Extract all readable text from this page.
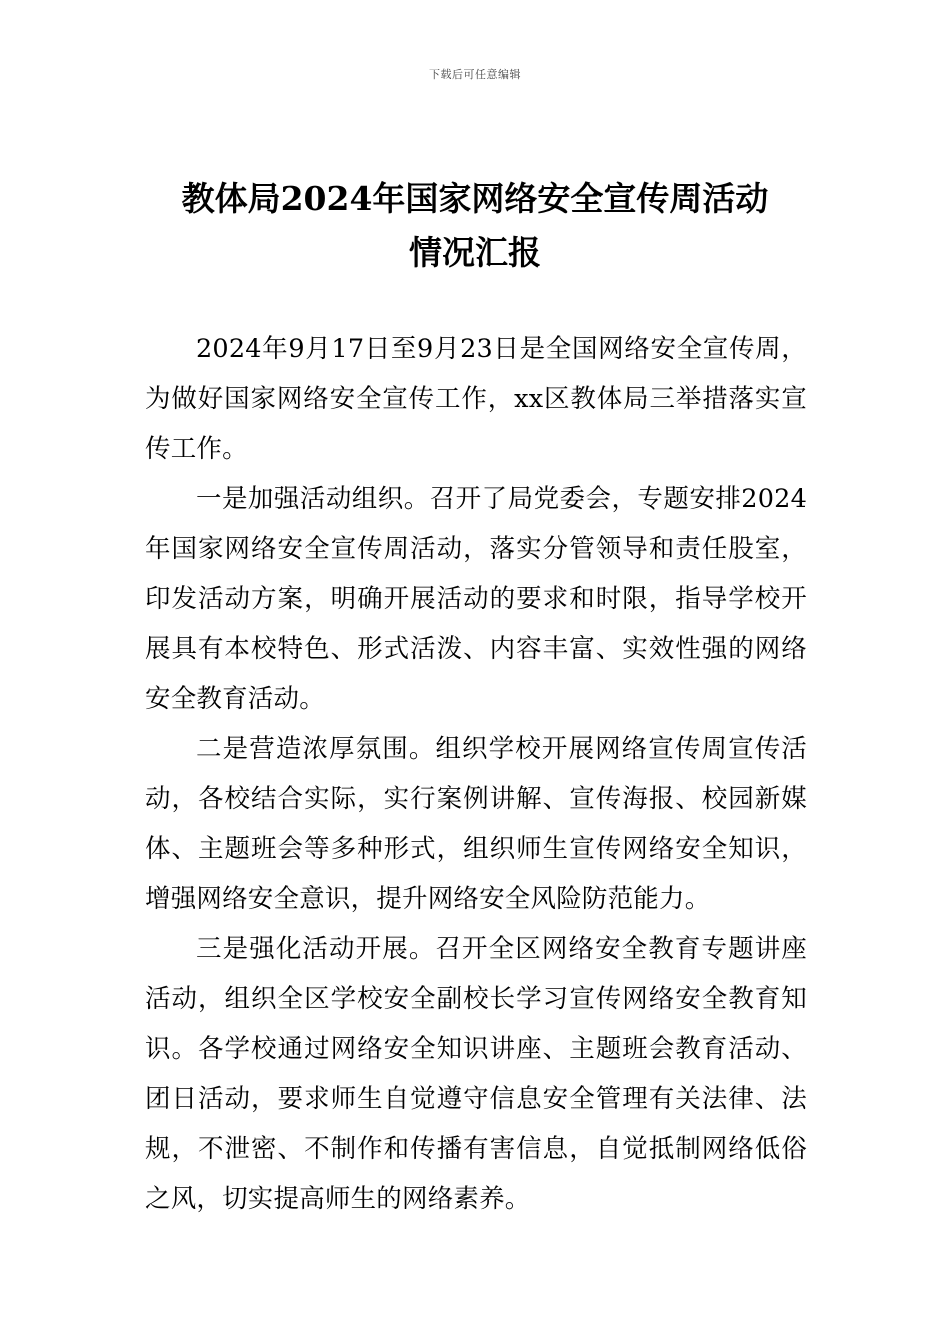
下载后可任意编辑
教体局2024年国家网络安全宣传周活动
情况汇报

2024年9月17日至9月23日是全国网络安全宣传周，为做好国家网络安全宣传工作，xx区教体局三举措落实宣传工作。

一是加强活动组织。召开了局党委会，专题安排2024年国家网络安全宣传周活动，落实分管领导和责任股室，印发活动方案，明确开展活动的要求和时限，指导学校开展具有本校特色、形式活泼、内容丰富、实效性强的网络安全教育活动。

二是营造浓厚氛围。组织学校开展网络宣传周宣传活动，各校结合实际，实行案例讲解、宣传海报、校园新媒体、主题班会等多种形式，组织师生宣传网络安全知识，增强网络安全意识，提升网络安全风险防范能力。

三是强化活动开展。召开全区网络安全教育专题讲座活动，组织全区学校安全副校长学习宣传网络安全教育知识。各学校通过网络安全知识讲座、主题班会教育活动、团日活动，要求师生自觉遵守信息安全管理有关法律、法规，不泄密、不制作和传播有害信息，自觉抵制网络低俗之风，切实提高师生的网络素养。
